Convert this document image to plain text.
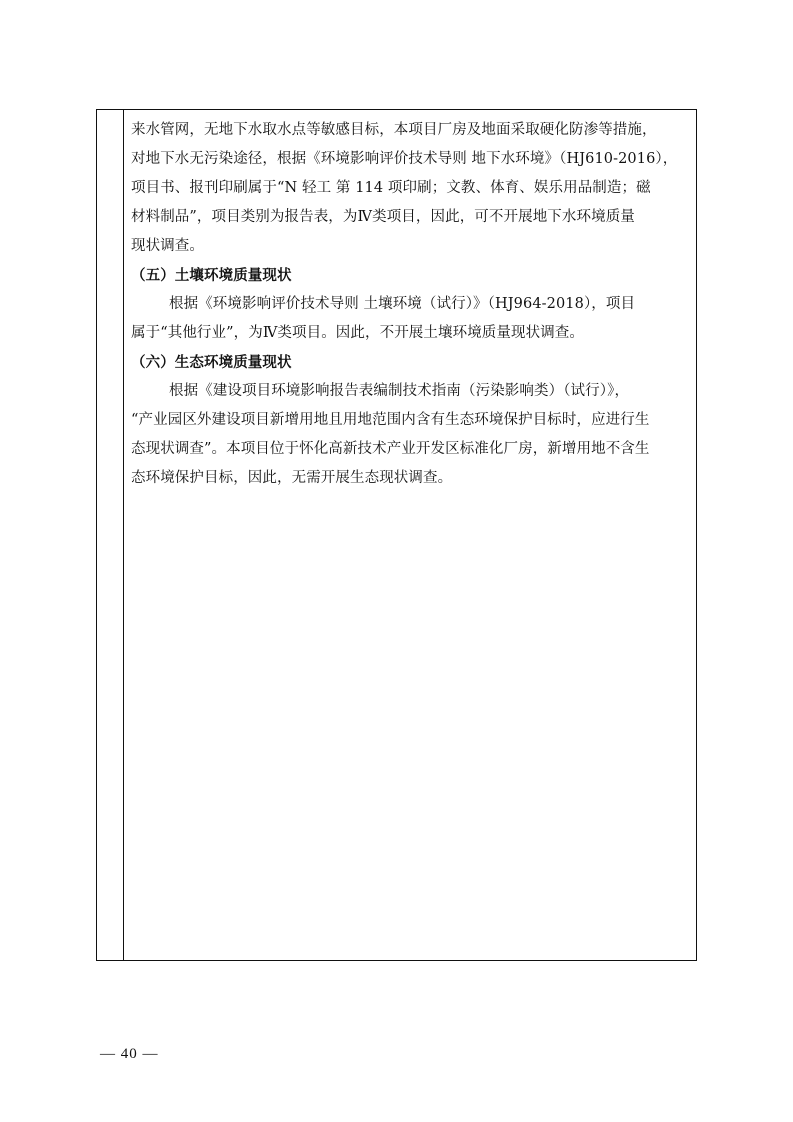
来水管网，无地下水取水点等敏感目标，本项目厂房及地面采取硬化防渗等措施，
对地下水无污染途径，根据《环境影响评价技术导则 地下水环境》（HJ610-2016），
项目书、报刊印刷属于“N 轻工 第 114 项印刷；文教、体育、娱乐用品制造；磁
材料制品”，项目类别为报告表，为Ⅳ类项目，因此，可不开展地下水环境质量
现状调查。
（五）土壤环境质量现状
根据《环境影响评价技术导则 土壤环境（试行）》（HJ964-2018），项目
属于“其他行业”，为Ⅳ类项目。因此，不开展土壤环境质量现状调查。
（六）生态环境质量现状
根据《建设项目环境影响报告表编制技术指南（污染影响类）（试行）》，
“产业园区外建设项目新增用地且用地范围内含有生态环境保护目标时，应进行生
态现状调查”。本项目位于怀化高新技术产业开发区标准化厂房，新增用地不含生
态环境保护目标，因此，无需开展生态现状调查。
— 40 —
